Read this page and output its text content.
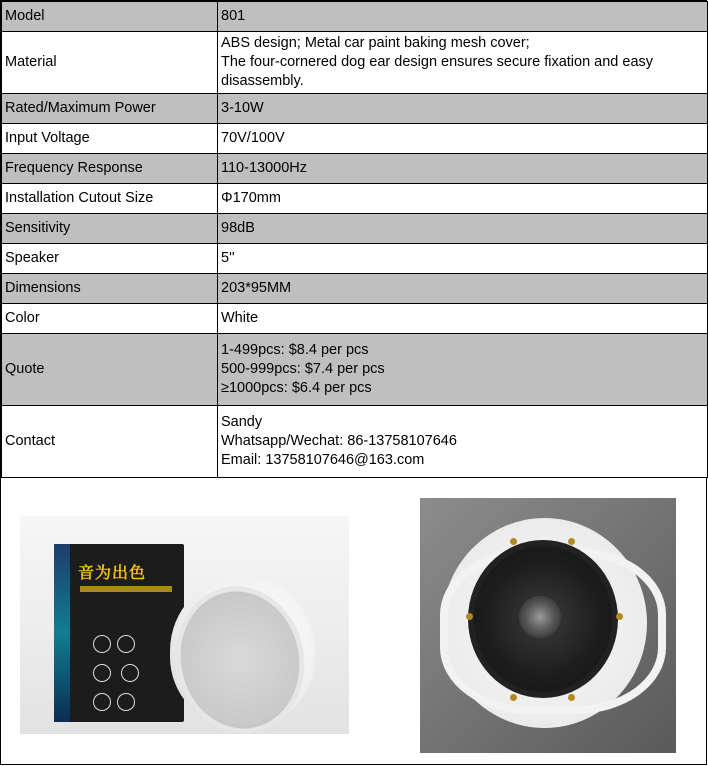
Model	801
Material	ABS design; Metal car paint baking mesh cover;
The four-cornered dog ear design ensures secure fixation and easy
disassembly.

Rated/Maximum Power	3-10W
Input Voltage	70V/100V
Frequency Response	110-13000Hz
Installation Cutout Size	Φ170mm
Sensitivity	98dB
Speaker	5''
Dimensions	203*95MM
Color	White
Quote	1-499pcs: $8.4 per pcs
500-999pcs: $7.4 per pcs
≥1000pcs: $6.4 per pcs

Contact	Sandy
Whatsapp/Wechat: 86-13758107646
Email: 13758107646@163.com
音为出色
